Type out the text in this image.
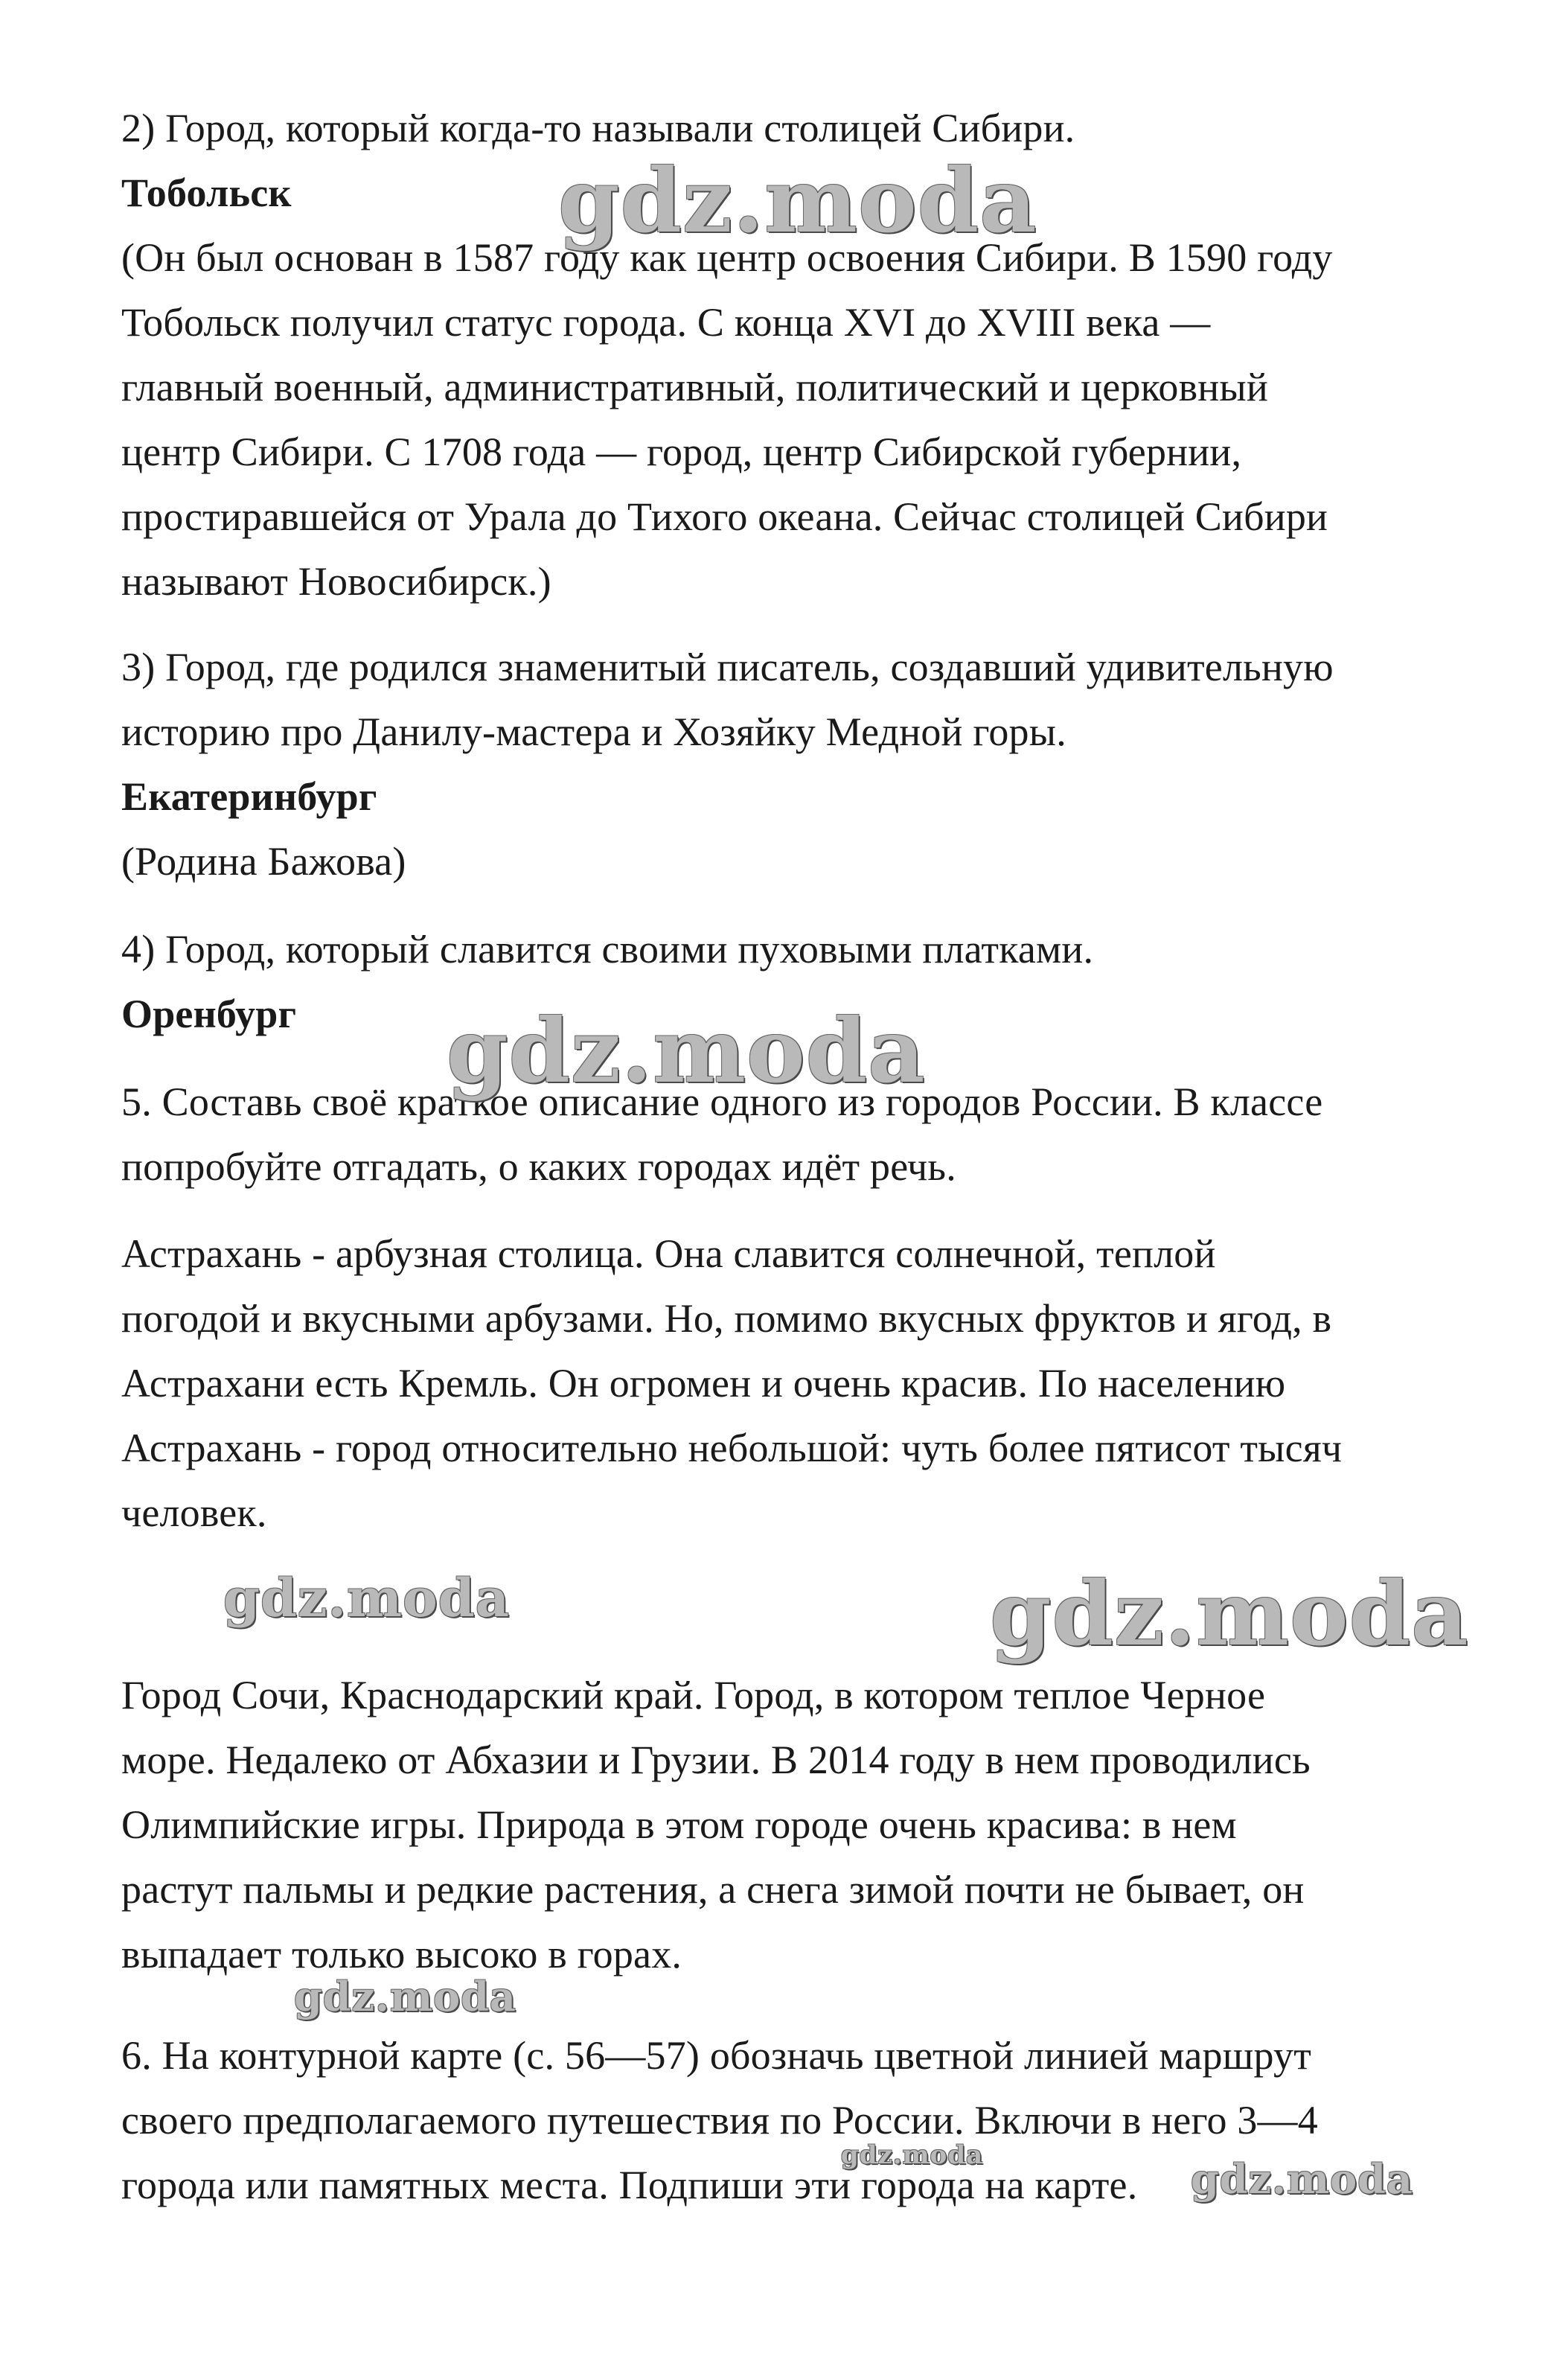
2) Город, который когда-то называли столицей Сибири.
Тобольск
(Он был основан в 1587 году как центр освоения Сибири. В 1590 году
Тобольск получил статус города. С конца XVI до XVIII века —
главный военный, административный, политический и церковный
центр Сибири. С 1708 года — город, центр Сибирской губернии,
простиравшейся от Урала до Тихого океана. Сейчас столицей Сибири
называют Новосибирск.)
3) Город, где родился знаменитый писатель, создавший удивительную
историю про Данилу-мастера и Хозяйку Медной горы.
Екатеринбург
(Родина Бажова)
4) Город, который славится своими пуховыми платками.
Оренбург
5. Составь своё краткое описание одного из городов России. В классе
попробуйте отгадать, о каких городах идёт речь.
Астрахань - арбузная столица. Она славится солнечной, теплой
погодой и вкусными арбузами. Но, помимо вкусных фруктов и ягод, в
Астрахани есть Кремль. Он огромен и очень красив. По населению
Астрахань - город относительно небольшой: чуть более пятисот тысяч
человек.
Город Сочи, Краснодарский край. Город, в котором теплое Черное
море. Недалеко от Абхазии и Грузии. В 2014 году в нем проводились
Олимпийские игры. Природа в этом городе очень красива: в нем
растут пальмы и редкие растения, а снега зимой почти не бывает, он
выпадает только высоко в горах.
6. На контурной карте (с. 56—57) обозначь цветной линией маршрут
своего предполагаемого путешествия по России. Включи в него 3—4
города или памятных места. Подпиши эти города на карте.
gdz.moda
gdz.moda
gdz.moda	gdz.moda
gdz.moda
gdz.moda	gdz.moda
